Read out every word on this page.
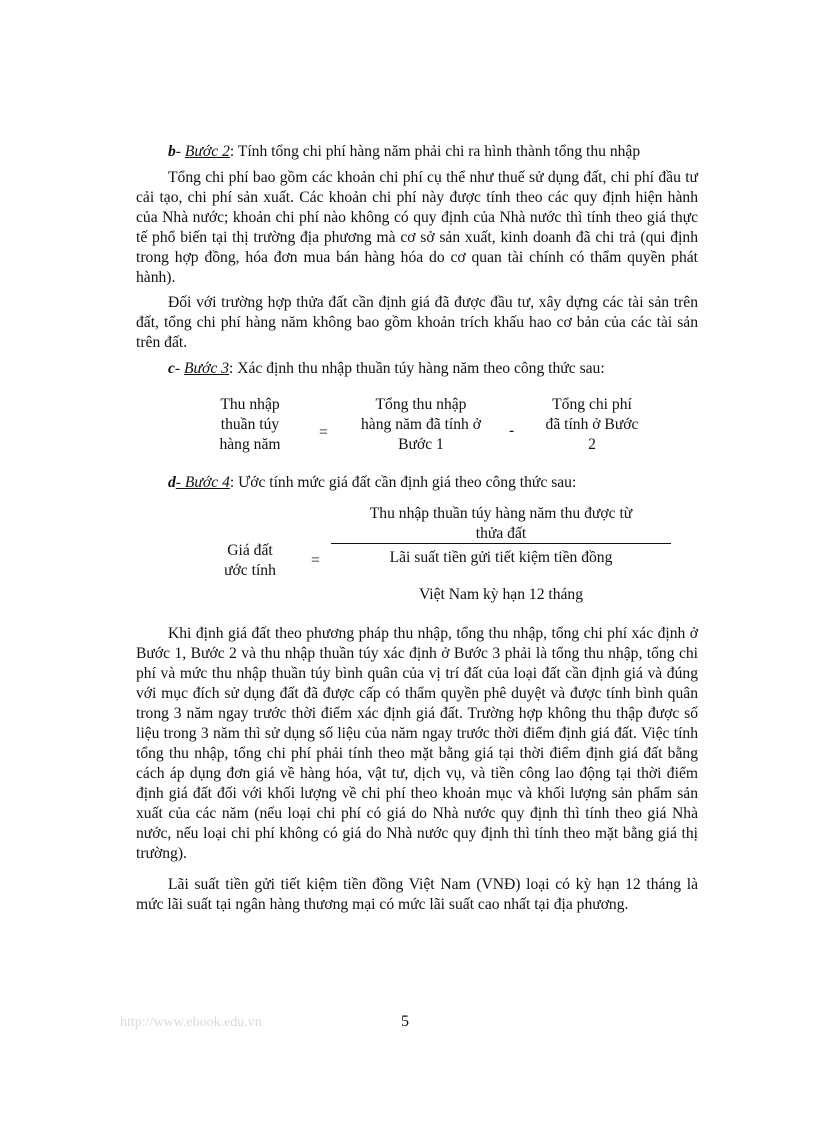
b- Bước 2: Tính tổng chi phí hàng năm phải chi ra hình thành tổng thu nhập

Tổng chi phí bao gồm các khoản chi phí cụ thể như thuế sử dụng đất, chi phí đầu tư cải tạo, chi phí sản xuất. Các khoản chi phí này được tính theo các quy định hiện hành của Nhà nước; khoản chi phí nào không có quy định của Nhà nước thì tính theo giá thực tế phổ biến tại thị trường địa phương mà cơ sở sản xuất, kinh doanh đã chi trả (qui định trong hợp đồng, hóa đơn mua bán hàng hóa do cơ quan tài chính có thẩm quyền phát hành).

Đối với trường hợp thửa đất cần định giá đã được đầu tư, xây dựng các tài sản trên đất, tổng chi phí hàng năm không bao gồm khoản trích khấu hao cơ bản của các tài sản trên đất.

c- Bước 3: Xác định thu nhập thuần túy hàng năm theo công thức sau:

Thu nhập
thuần túy
hàng năm
=
Tổng thu nhập
hàng năm đã tính ở
Bước 1
-
Tổng chi phí
đã tính ở Bước
2

d- Bước 4: Ước tính mức giá đất cần định giá theo công thức sau:

Giá đất
ước tính
=
Thu nhập thuần túy hàng năm thu được từ
thửa đất
Lãi suất tiền gửi tiết kiệm tiền đồng
Việt Nam kỳ hạn 12 tháng

Khi định giá đất theo phương pháp thu nhập, tổng thu nhập, tổng chi phí xác định ở Bước 1, Bước 2 và thu nhập thuần túy xác định ở Bước 3 phải là tổng thu nhập, tổng chi phí và mức thu nhập thuần túy bình quân của vị trí đất của loại đất cần định giá và đúng với mục đích sử dụng đất đã được cấp có thẩm quyền phê duyệt và được tính bình quân trong 3 năm ngay trước thời điểm xác định giá đất. Trường hợp không thu thập được số liệu trong 3 năm thì sử dụng số liệu của năm ngay trước thời điểm định giá đất. Việc tính tổng thu nhập, tổng chi phí phải tính theo mặt bằng giá tại thời điểm định giá đất bằng cách áp dụng đơn giá về hàng hóa, vật tư, dịch vụ, và tiền công lao động tại thời điểm định giá đất đối với khối lượng về chi phí theo khoản mục và khối lượng sản phẩm sản xuất của các năm (nếu loại chi phí có giá do Nhà nước quy định thì tính theo giá Nhà nước, nếu loại chi phí không có giá do Nhà nước quy định thì tính theo mặt bằng giá thị trường).

Lãi suất tiền gửi tiết kiệm tiền đồng Việt Nam (VNĐ) loại có kỳ hạn 12 tháng là mức lãi suất tại ngân hàng thương mại có mức lãi suất cao nhất tại địa phương.

http://www.ebook.edu.vn	5
